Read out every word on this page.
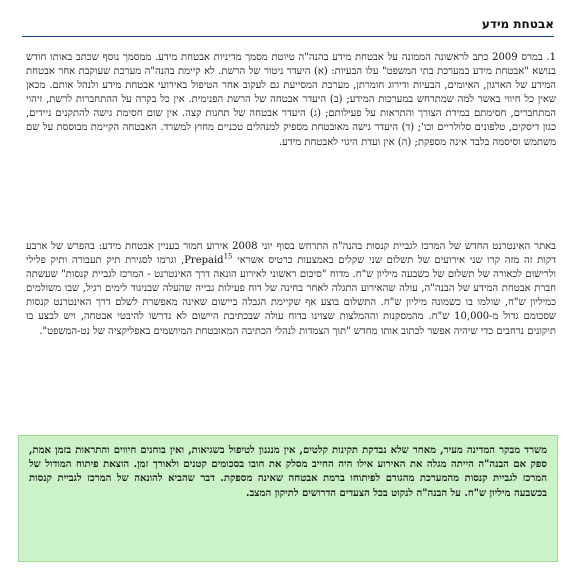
אבטחת מידע

1. במרס 2009 כתב לראשונה הממונה על אבטחת מידע בהנה"ה טיוטת מסמך מדיניות אבטחת מידע. ממסמך נוסף שכתב באותו חודש בנושא "אבטחת מידע במערכת בתי המשפט" עלו הבעיות: (א) היעדר ניטור של הרשת. לא קיימת בהנה"ה מערכת שעוקבת אחר אבטחת המידע של הארגון, האיומים, הבעיות ודירוג חומרתן, מערכת המסייעת גם לעקוב אחר הטיפול באירועי אבטחת מידע ולנהל אותם. מכאן שאין כל חיווי באשר למה שמתרחש במערכות המידע; (ב) היעדר אבטחה של הרשת הפנימית. אין כל בקרה על ההתחברות לרשת, זיהוי המתחברים, חסימתם במידת הצורך והתראות על פעילותם; (ג) היעדר אבטחה של תחנות קצה. אין שום חסימת גישה להתקנים ניידים, כגון דיסקים, טלפונים סלולריים וכו'; (ד) היעדר גישה מאובטחת מספיק למנהלים טכניים מחוץ למשרד. האבטחה הקיימת מבוססת על שם משתמש וסיסמה בלבד אינה מספקת; (ה) אין ועדת היגוי לאבטחת מידע.

באתר האינטרנט החדש של המרכז לגביית קנסות בהנה"ה התרחש בסוף יוני 2008 אירוע חמור בעניין אבטחת מידע: בהפרש של ארבע דקות זה מזה קרו שני אירועים של תשלום שני שקלים באמצעות כרטיס אשראי Prepaid$^{15}$, וגרמו לסגירת תיק תעבורה ותיק פלילי ולרישום לכאורה של תשלום של כשבעה מיליון ש"ח. מדוח "סיכום ראשוני לאירוע הונאה דרך האינטרנט - המרכז לגביית קנסות" שעשתה חברת אבטחת המידע של הבנה"ה, עולה שהאירוע התגלה לאחר בחינה של דוח פעילות גבייה שהעלה שבניגוד לימים רגיל, שבו משולמים כמיליון ש"ח, שולמו בו כשמונה מיליון ש"ח. התשלום בוצע אף שקיימת הגבלה ביישום שאינה מאפשרת לשלם דרך האינטרנט קנסות שסכומם גדול מ-10,000 ש"ח. מהמסקנות וההמלצות שצוינו בדוח עולה שבכתיבת היישום לא נדרשו להיבטי אבטחה, ויש לבצע בו תיקונים נרחבים כדי שיהיה אפשר לכתוב אותו מחדש "תוך הצמדות לנהלי הכתיבה המאובטחת המיושמים באפליקציה של נט-המשפט".

משרד מבקר המדינה מעיר, מאחר שלא נבדקת תקינות קלטים, אין מנגנון לטיפול בשגיאות, ואין בוחנים חיווים והתראות בזמן אמת, ספק אם הבנה"ה הייתה מגלה את האירוע אילו היה החייב מסלק את חובו בסכומים קטנים ולאורך זמן. הוצאת פיתוח המודול של המרכז לגביית קנסות מהמערכת מהגורם לפיתוחו ברמת אבטחה שאינה מספקת. דבר שהביא להונאה של המרכז לגביית קנסות בכשבעה מיליון ש"ח. על הבנה"ה לנקוט בכל הצעדים הדרושים לתיקון המצב.
